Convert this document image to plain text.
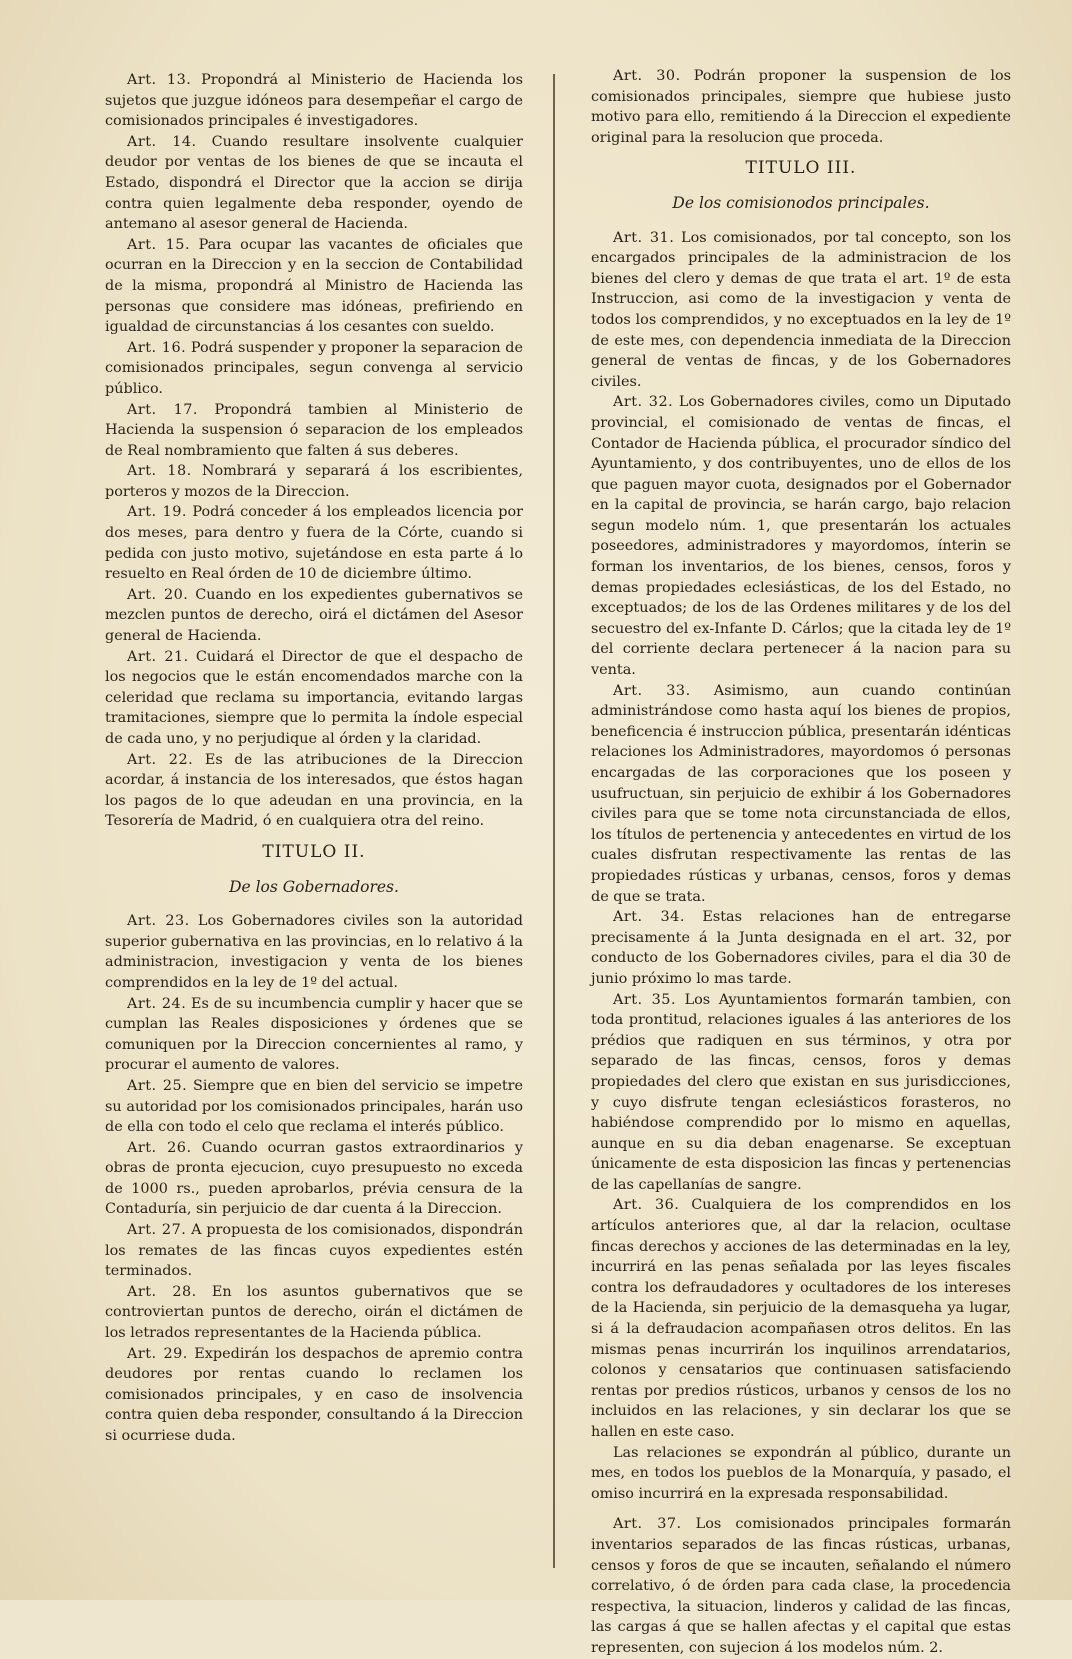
Art. 13. Propondrá al Ministerio de Hacienda los sujetos que juzgue idóneos para desempeñar el cargo de comisionados principales é investigadores.

Art. 14. Cuando resultare insolvente cualquier deudor por ventas de los bienes de que se incauta el Estado, dispondrá el Director que la accion se dirija contra quien legalmente deba responder, oyendo de antemano al asesor general de Hacienda.

Art. 15. Para ocupar las vacantes de oficiales que ocurran en la Direccion y en la seccion de Contabilidad de la misma, propondrá al Ministro de Hacienda las personas que considere mas idóneas, prefiriendo en igualdad de circunstancias á los cesantes con sueldo.

Art. 16. Podrá suspender y proponer la separacion de comisionados principales, segun convenga al servicio público.

Art. 17. Propondrá tambien al Ministerio de Hacienda la suspension ó separacion de los empleados de Real nombramiento que falten á sus deberes.

Art. 18. Nombrará y separará á los escribientes, porteros y mozos de la Direccion.

Art. 19. Podrá conceder á los empleados licencia por dos meses, para dentro y fuera de la Córte, cuando si pedida con justo motivo, sujetándose en esta parte á lo resuelto en Real órden de 10 de diciembre último.

Art. 20. Cuando en los expedientes gubernativos se mezclen puntos de derecho, oirá el dictámen del Asesor general de Hacienda.

Art. 21. Cuidará el Director de que el despacho de los negocios que le están encomendados marche con la celeridad que reclama su importancia, evitando largas tramitaciones, siempre que lo permita la índole especial de cada uno, y no perjudique al órden y la claridad.

Art. 22. Es de las atribuciones de la Direccion acordar, á instancia de los interesados, que éstos hagan los pagos de lo que adeudan en una provincia, en la Tesorería de Madrid, ó en cualquiera otra del reino.

TITULO II.
De los Gobernadores.

Art. 23. Los Gobernadores civiles son la autoridad superior gubernativa en las provincias, en lo relativo á la administracion, investigacion y venta de los bienes comprendidos en la ley de 1º del actual.

Art. 24. Es de su incumbencia cumplir y hacer que se cumplan las Reales disposiciones y órdenes que se comuniquen por la Direccion concernientes al ramo, y procurar el aumento de valores.

Art. 25. Siempre que en bien del servicio se impetre su autoridad por los comisionados principales, harán uso de ella con todo el celo que reclama el interés público.

Art. 26. Cuando ocurran gastos extraordinarios y obras de pronta ejecucion, cuyo presupuesto no exceda de 1000 rs., pueden aprobarlos, prévia censura de la Contaduría, sin perjuicio de dar cuenta á la Direccion.

Art. 27. A propuesta de los comisionados, dispondrán los remates de las fincas cuyos expedientes estén terminados.

Art. 28. En los asuntos gubernativos que se controviertan puntos de derecho, oirán el dictámen de los letrados representantes de la Hacienda pública.

Art. 29. Expedirán los despachos de apremio contra deudores por rentas cuando lo reclamen los comisionados principales, y en caso de insolvencia contra quien deba responder, consultando á la Direccion si ocurriese duda.

Art. 30. Podrán proponer la suspension de los comisionados principales, siempre que hubiese justo motivo para ello, remitiendo á la Direccion el expediente original para la resolucion que proceda.

TITULO III.
De los comisionodos principales.

Art. 31. Los comisionados, por tal concepto, son los encargados principales de la administracion de los bienes del clero y demas de que trata el art. 1º de esta Instruccion, asi como de la investigacion y venta de todos los comprendidos, y no exceptuados en la ley de 1º de este mes, con dependencia inmediata de la Direccion general de ventas de fincas, y de los Gobernadores civiles.

Art. 32. Los Gobernadores civiles, como un Diputado provincial, el comisionado de ventas de fincas, el Contador de Hacienda pública, el procurador síndico del Ayuntamiento, y dos contribuyentes, uno de ellos de los que paguen mayor cuota, designados por el Gobernador en la capital de provincia, se harán cargo, bajo relacion segun modelo núm. 1, que presentarán los actuales poseedores, administradores y mayordomos, ínterin se forman los inventarios, de los bienes, censos, foros y demas propiedades eclesiásticas, de los del Estado, no exceptuados; de los de las Ordenes militares y de los del secuestro del ex-Infante D. Cárlos; que la citada ley de 1º del corriente declara pertenecer á la nacion para su venta.

Art. 33. Asimismo, aun cuando continúan administrándose como hasta aquí los bienes de propios, beneficencia é instruccion pública, presentarán idénticas relaciones los Administradores, mayordomos ó personas encargadas de las corporaciones que los poseen y usufructuan, sin perjuicio de exhibir á los Gobernadores civiles para que se tome nota circunstanciada de ellos, los títulos de pertenencia y antecedentes en virtud de los cuales disfrutan respectivamente las rentas de las propiedades rústicas y urbanas, censos, foros y demas de que se trata.

Art. 34. Estas relaciones han de entregarse precisamente á la Junta designada en el art. 32, por conducto de los Gobernadores civiles, para el dia 30 de junio próximo lo mas tarde.

Art. 35. Los Ayuntamientos formarán tambien, con toda prontitud, relaciones iguales á las anteriores de los prédios que radiquen en sus términos, y otra por separado de las fincas, censos, foros y demas propiedades del clero que existan en sus jurisdicciones, y cuyo disfrute tengan eclesiásticos forasteros, no habiéndose comprendido por lo mismo en aquellas, aunque en su dia deban enagenarse. Se exceptuan únicamente de esta disposicion las fincas y pertenencias de las capellanías de sangre.

Art. 36. Cualquiera de los comprendidos en los artículos anteriores que, al dar la relacion, ocultase fincas derechos y acciones de las determinadas en la ley, incurrirá en las penas señalada por las leyes fiscales contra los defraudadores y ocultadores de los intereses de la Hacienda, sin perjuicio de la demasqueha ya lugar, si á la defraudacion acompañasen otros delitos. En las mismas penas incurrirán los inquilinos arrendatarios, colonos y censatarios que continuasen satisfaciendo rentas por predios rústicos, urbanos y censos de los no incluidos en las relaciones, y sin declarar los que se hallen en este caso.

Las relaciones se expondrán al público, durante un mes, en todos los pueblos de la Monarquía, y pasado, el omiso incurrirá en la expresada responsabilidad.

Art. 37. Los comisionados principales formarán inventarios separados de las fincas rústicas, urbanas, censos y foros de que se incauten, señalando el número correlativo, ó de órden para cada clase, la procedencia respectiva, la situacion, linderos y calidad de las fincas, las cargas á que se hallen afectas y el capital que estas representen, con sujecion á los modelos núm. 2.
